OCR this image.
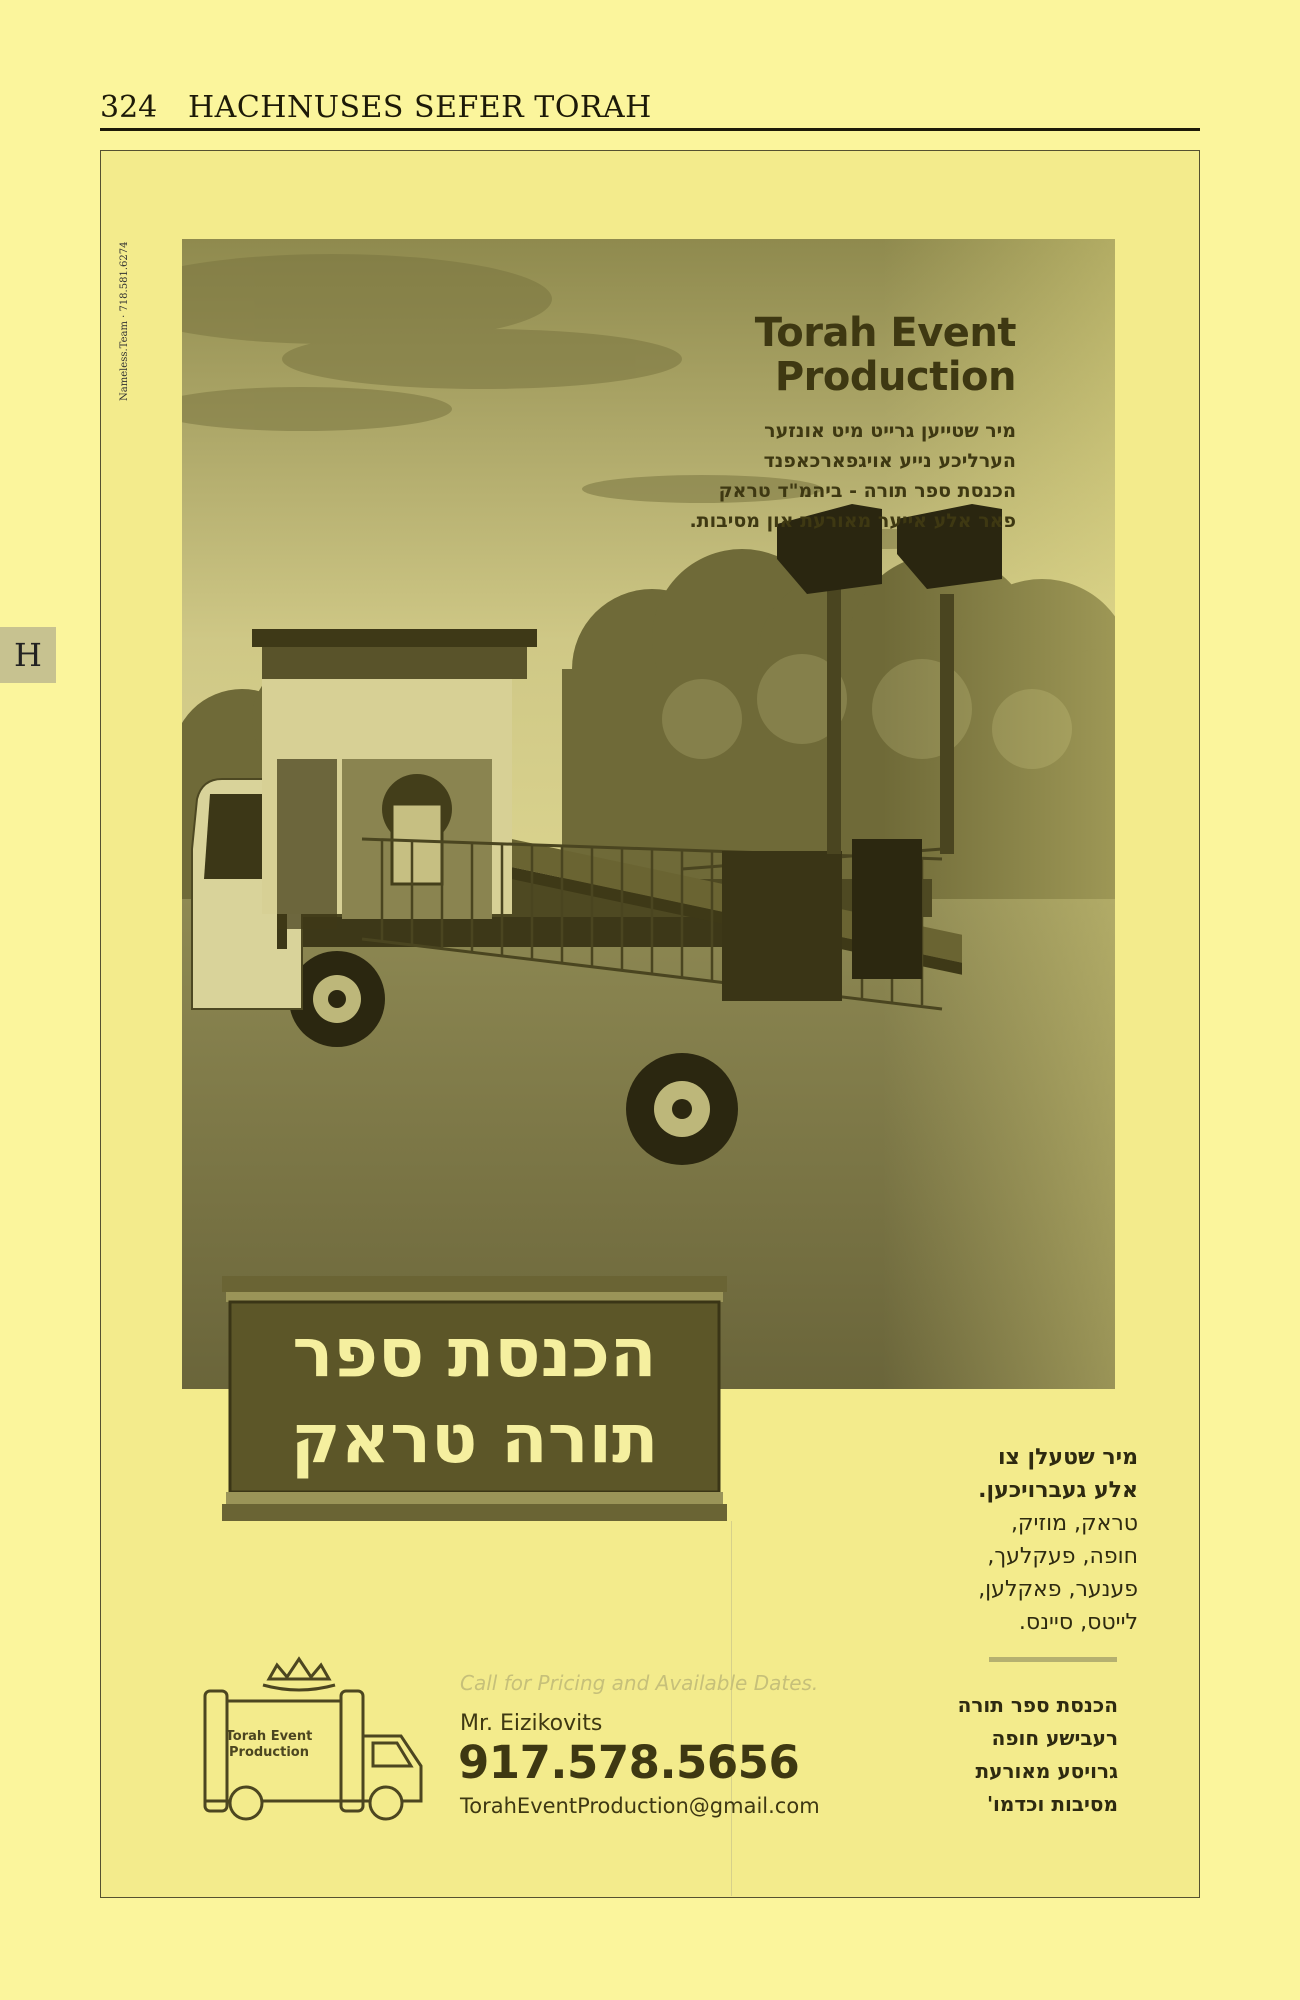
324 HACHNUSES SEFER TORAH
H
Nameless.Team · 718.581.6274	Torah Event
Production
מיר שטייען גרייט מיט אונזער
הערליכע נייע אויגפארכאפנד
הכנסת ספר תורה - ביהמ"ד טראק
פאר אלע אייער מאורעת און מסיבות.
הכנסת ספר
תורה טראק	מיר שטעלן צו
אלע געברויכען.
טראק, מוזיק,
חופה, פעקלעך,
פענער, פאקלען,
לייטס, סיינס.
הכנסת ספר תורה
רעבישע חופה
גרויסע מאורעת
מסיבות וכדמו'
Torah Event
Production
Call for Pricing and Available Dates.
Mr. Eizikovits
917.578.5656
TorahEventProduction@gmail.com
